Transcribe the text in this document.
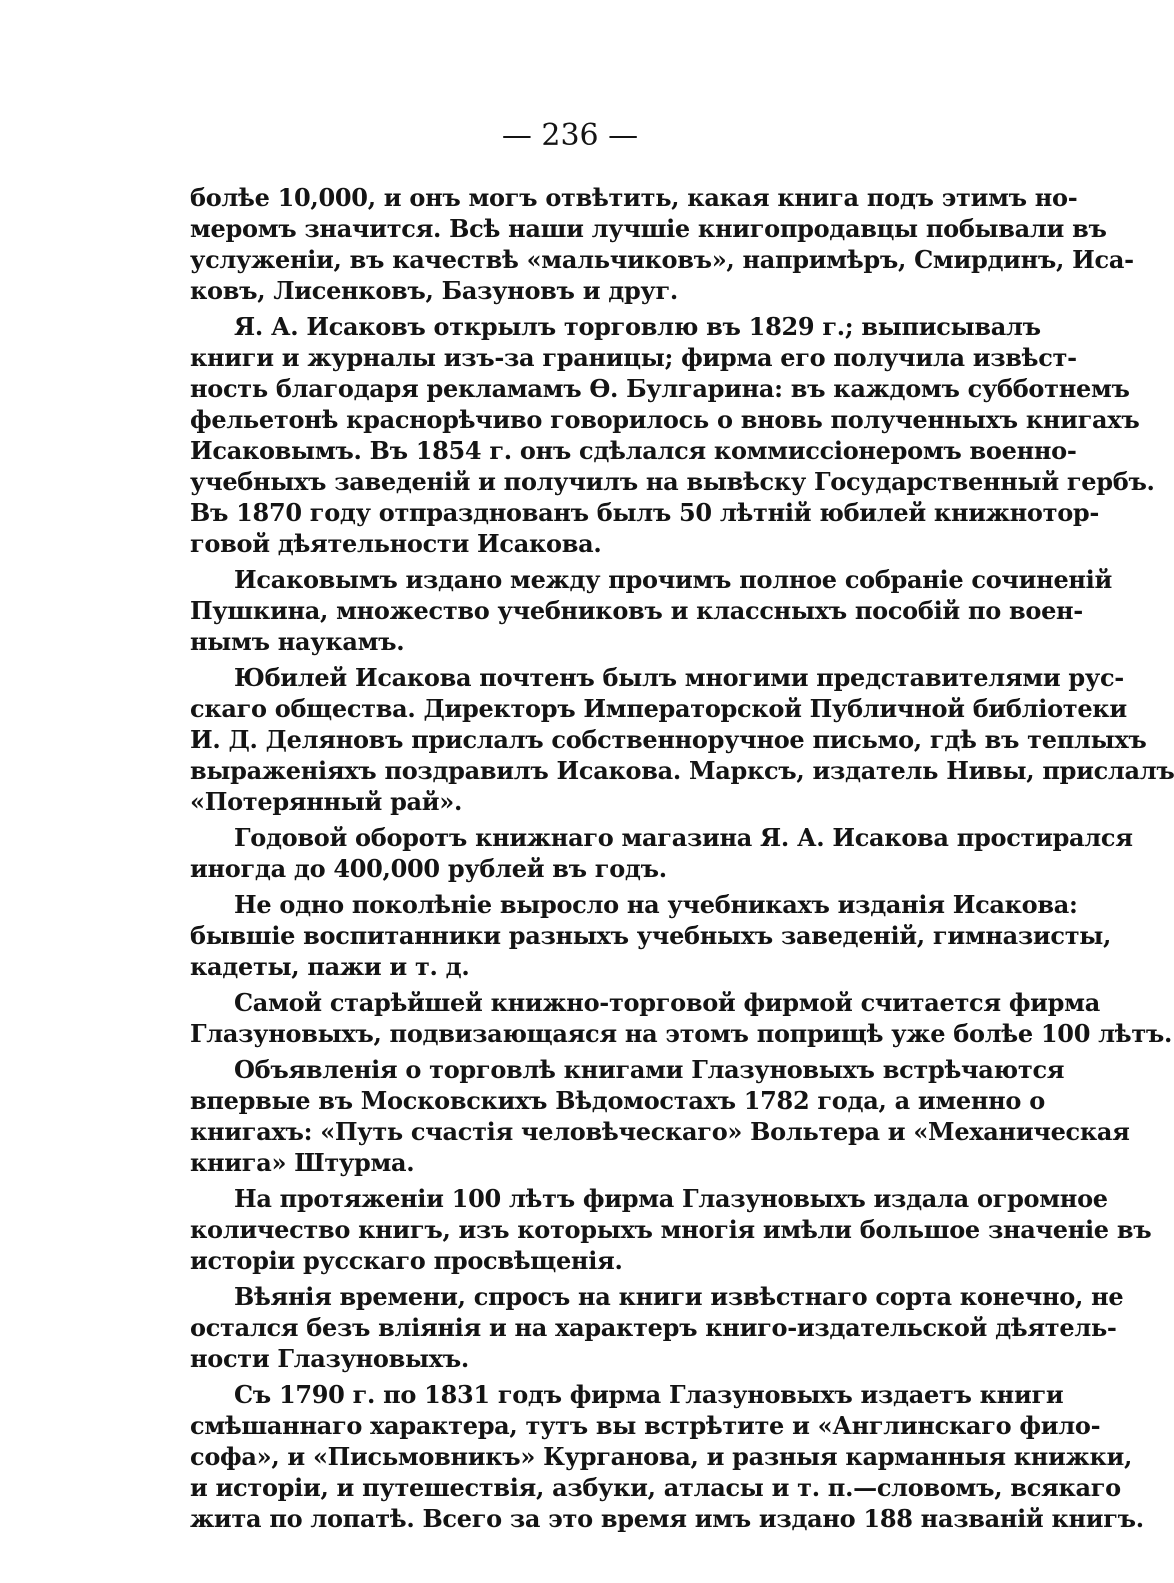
— 236 —
болѣе 10,000, и онъ могъ отвѣтить, какая книга подъ этимъ но-
меромъ значится. Всѣ наши лучшіе книгопродавцы побывали въ
услуженіи, въ качествѣ «мальчиковъ», напримѣръ, Смирдинъ, Иса-
ковъ, Лисенковъ, Базуновъ и друг.
Я. А. Исаковъ открылъ торговлю въ 1829 г.; выписывалъ
книги и журналы изъ-за границы; фирма его получила извѣст-
ность благодаря рекламамъ Ѳ. Булгарина: въ каждомъ субботнемъ
фельетонѣ краснорѣчиво говорилось о вновь полученныхъ книгахъ
Исаковымъ. Въ 1854 г. онъ сдѣлался коммиссіонеромъ военно-
учебныхъ заведеній и получилъ на вывѣску Государственный гербъ.
Въ 1870 году отпразднованъ былъ 50 лѣтній юбилей книжнотор-
говой дѣятельности Исакова.
Исаковымъ издано между прочимъ полное собраніе сочиненій
Пушкина, множество учебниковъ и классныхъ пособій по воен-
нымъ наукамъ.
Юбилей Исакова почтенъ былъ многими представителями рус-
скаго общества. Директоръ Императорской Публичной библіотеки
И. Д. Деляновъ прислалъ собственноручное письмо, гдѣ въ теплыхъ
выраженіяхъ поздравилъ Исакова. Марксъ, издатель Нивы, прислалъ
«Потерянный рай».
Годовой оборотъ книжнаго магазина Я. А. Исакова простирался
иногда до 400,000 рублей въ годъ.
Не одно поколѣніе выросло на учебникахъ изданія Исакова:
бывшіе воспитанники разныхъ учебныхъ заведеній, гимназисты,
кадеты, пажи и т. д.
Самой старѣйшей книжно-торговой фирмой считается фирма
Глазуновыхъ, подвизающаяся на этомъ поприщѣ уже болѣе 100 лѣтъ.
Объявленія о торговлѣ книгами Глазуновыхъ встрѣчаются
впервые въ Московскихъ Вѣдомостахъ 1782 года, а именно о
книгахъ: «Путь счастія человѣческаго» Вольтера и «Механическая
книга» Штурма.
На протяженіи 100 лѣтъ фирма Глазуновыхъ издала огромное
количество книгъ, изъ которыхъ многія имѣли большое значеніе въ
исторіи русскаго просвѣщенія.
Вѣянія времени, спросъ на книги извѣстнаго сорта конечно, не
остался безъ вліянія и на характеръ книго-издательской дѣятель-
ности Глазуновыхъ.
Съ 1790 г. по 1831 годъ фирма Глазуновыхъ издаетъ книги
смѣшаннаго характера, тутъ вы встрѣтите и «Англинскаго фило-
софа», и «Письмовникъ» Курганова, и разныя карманныя книжки,
и исторіи, и путешествія, азбуки, атласы и т. п.—словомъ, всякаго
жита по лопатѣ. Всего за это время имъ издано 188 названій книгъ.
